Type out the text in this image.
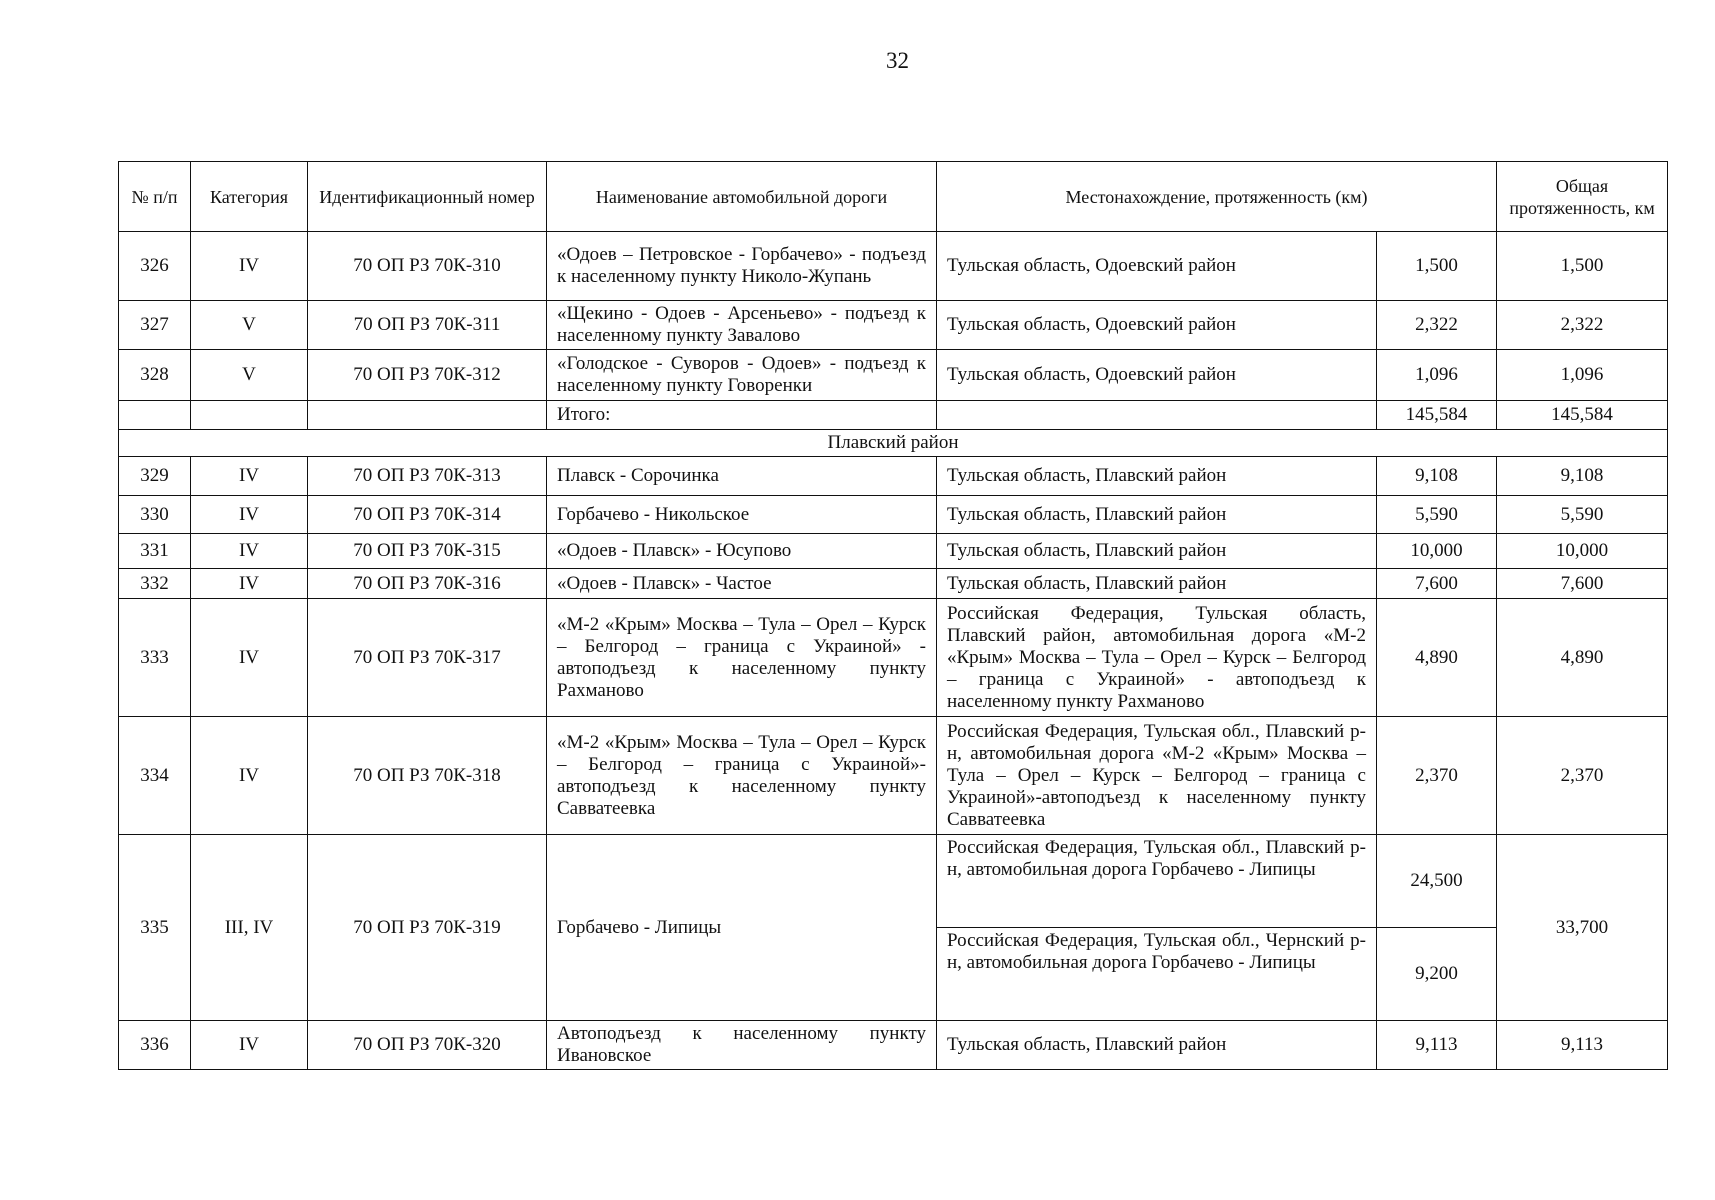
32
№ п/п	Категория	Идентификационный номер	Наименование автомобильной дороги	Местонахождение, протяженность (км)		Общая протяженность, км
326	IV	70 ОП РЗ 70К-310	«Одоев – Петровское - Горбачево» - подъезд к населенному пункту Николо-Жупань	Тульская область, Одоевский район	1,500	1,500
327	V	70 ОП РЗ 70К-311	«Щекино - Одоев - Арсеньево» - подъезд к населенному пункту Завалово	Тульская область, Одоевский район	2,322	2,322
328	V	70 ОП РЗ 70К-312	«Голодское - Суворов - Одоев» - подъезд к населенному пункту Говоренки	Тульская область, Одоевский район	1,096	1,096
			Итого:		145,584	145,584
Плавский район						
329	IV	70 ОП РЗ 70К-313	Плавск - Сорочинка	Тульская область, Плавский район	9,108	9,108
330	IV	70 ОП РЗ 70К-314	Горбачево - Никольское	Тульская область, Плавский район	5,590	5,590
331	IV	70 ОП РЗ 70К-315	«Одоев - Плавск» - Юсупово	Тульская область, Плавский район	10,000	10,000
332	IV	70 ОП РЗ 70К-316	«Одоев - Плавск» - Частое	Тульская область, Плавский район	7,600	7,600
333	IV	70 ОП РЗ 70К-317	«М-2 «Крым» Москва – Тула – Орел – Курск – Белгород – граница с Украиной» - автоподъезд к населенному пункту Рахманово	Российская Федерация, Тульская область, Плавский район, автомобильная дорога «М-2 «Крым» Москва – Тула – Орел – Курск – Белгород – граница с Украиной» - автоподъезд к населенному пункту Рахманово	4,890	4,890
334	IV	70 ОП РЗ 70К-318	«М-2 «Крым» Москва – Тула – Орел – Курск – Белгород – граница с Украиной»-автоподъезд к населенному пункту Савватеевка	Российская Федерация, Тульская обл., Плавский р-н, автомобильная дорога «М-2 «Крым» Москва – Тула – Орел – Курск – Белгород – граница с Украиной»-автоподъезд к населенному пункту Савватеевка	2,370	2,370
335	III, IV	70 ОП РЗ 70К-319	Горбачево - Липицы	Российская Федерация, Тульская обл., Плавский р-н, автомобильная дорога Горбачево - Липицы	24,500	33,700
				Российская Федерация, Тульская обл., Чернский р-н, автомобильная дорога Горбачево - Липицы	9,200	
336	IV	70 ОП РЗ 70К-320	Автоподъезд к населенному пункту Ивановское	Тульская область, Плавский район	9,113	9,113
